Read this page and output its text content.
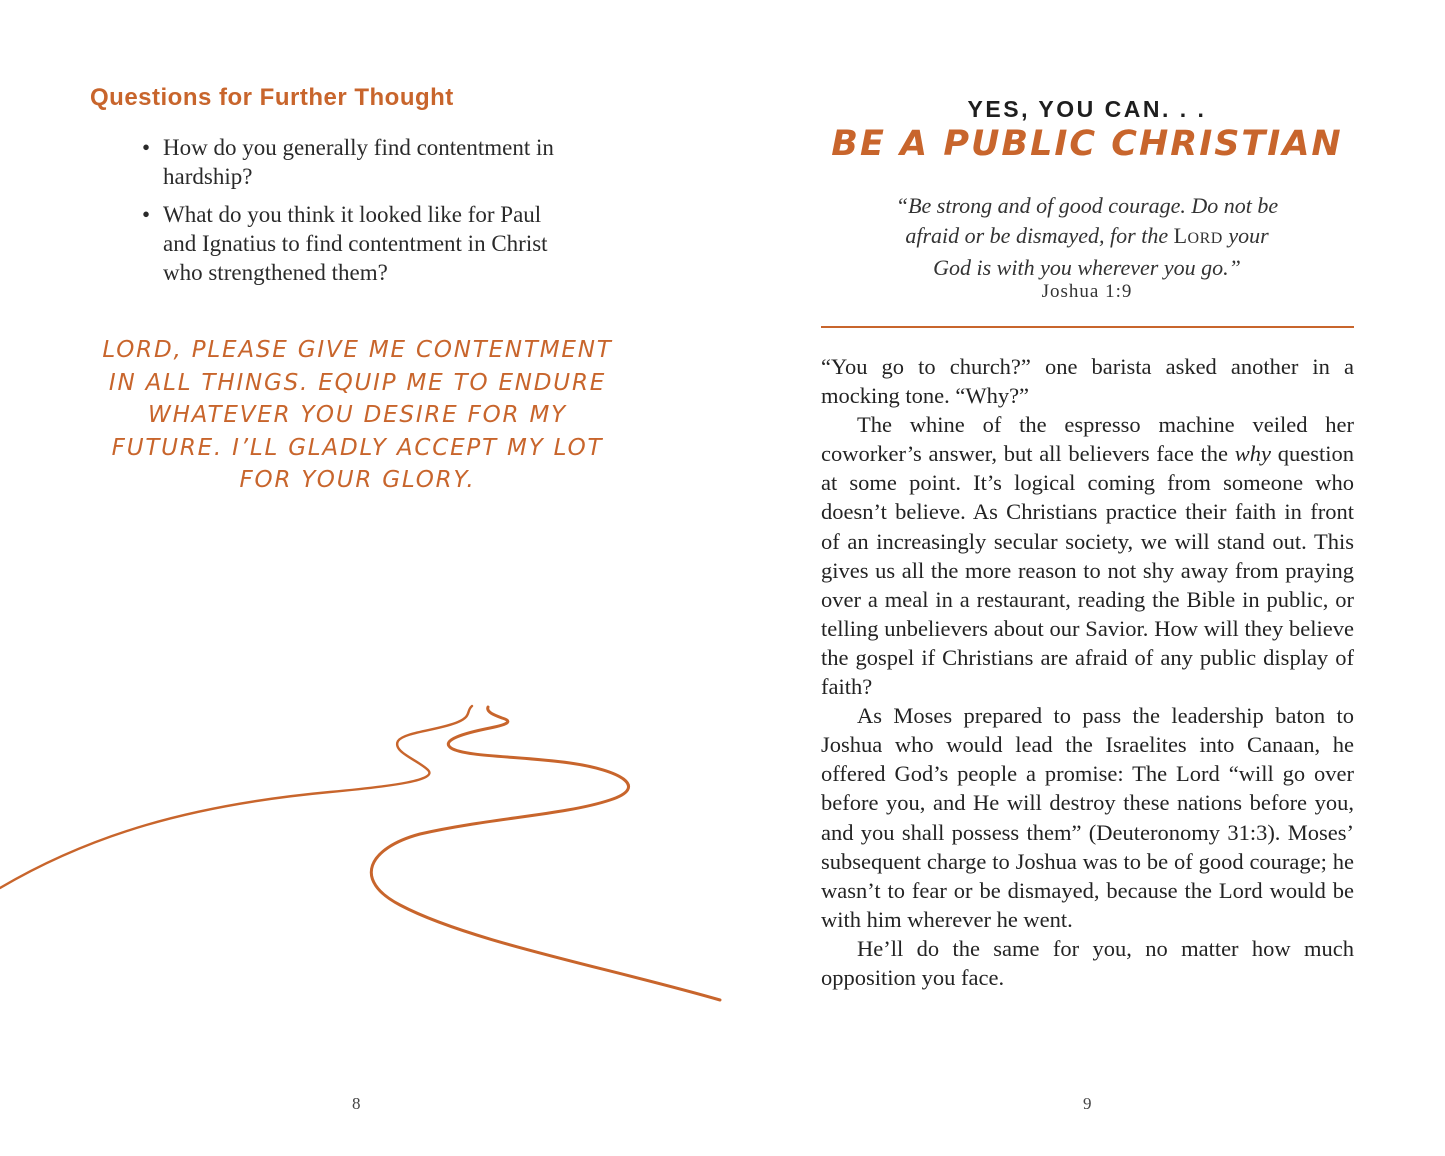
Questions for Further Thought
• How do you generally find contentment in hardship?
• What do you think it looked like for Paul and Ignatius to find contentment in Christ who strengthened them?
LORD, PLEASE GIVE ME CONTENTMENT IN ALL THINGS. EQUIP ME TO ENDURE WHATEVER YOU DESIRE FOR MY FUTURE. I’LL GLADLY ACCEPT MY LOT FOR YOUR GLORY.
8
YES, YOU CAN. . .
BE A PUBLIC CHRISTIAN
“Be strong and of good courage. Do not be
afraid or be dismayed, for the LORD your
God is with you wherever you go.”
Joshua 1:9

“You go to church?” one barista asked another in a mocking tone. “Why?”

The whine of the espresso machine veiled her coworker’s answer, but all believers face the why question at some point. It’s logical coming from someone who doesn’t believe. As Christians practice their faith in front of an increasingly secular society, we will stand out. This gives us all the more reason to not shy away from praying over a meal in a restaurant, reading the Bible in public, or telling unbelievers about our Savior. How will they believe the gospel if Christians are afraid of any public display of faith?

As Moses prepared to pass the leadership baton to Joshua who would lead the Israelites into Canaan, he offered God’s people a promise: The Lord “will go over before you, and He will destroy these nations before you, and you shall possess them” (Deuteronomy 31:3). Moses’ subsequent charge to Joshua was to be of good courage; he wasn’t to fear or be dismayed, because the Lord would be with him wherever he went.

He’ll do the same for you, no matter how much opposition you face.

9
